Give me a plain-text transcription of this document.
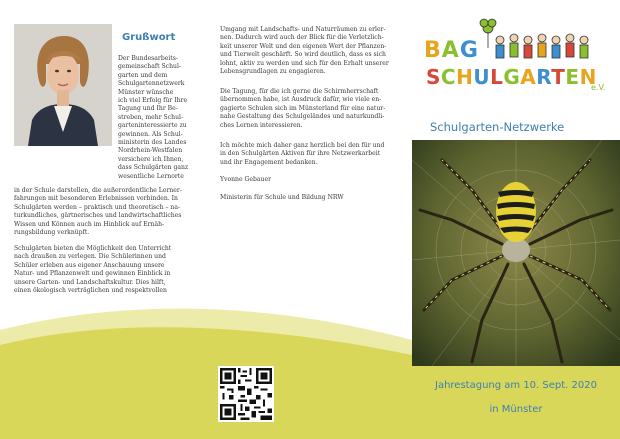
Grußwort
Der Bundesarbeits-
gemeinschaft Schul-
garten und dem
Schulgartennetzwerk
Münster wünsche
ich viel Erfolg für Ihre
Tagung und Ihr Be-
streben, mehr Schul-
garteninteressierte zu
gewinnen. Als Schul-
ministerin des Landes
Nordrhein-Westfalen
versichere ich Ihnen,
dass Schulgärten ganz
wesentliche Lernorte
in der Schule darstellen, die außerordentliche Lerner-
fahrungen mit besonderen Erlebnissen verbinden. In
Schulgärten werden – praktisch und theoretisch – na-
turkundliches, gärtnerisches und landwirtschaftliches
Wissen und Können auch im Hinblick auf Ernäh-
rungsbildung verknüpft.
Schulgärten bieten die Möglichkeit den Unterricht
nach draußen zu verlegen. Die Schülerinnen und
Schüler erleben aus eigener Anschauung unsere
Natur- und Pflanzenwelt und gewinnen Einblick in
unsere Garten- und Landschaftskultur. Dies hilft,
einen ökologisch verträglichen und respektvollen
Umgang mit Landschafts- und Naturräumen zu erler-
nen. Dadurch wird auch der Blick für die Verletzlich-
keit unserer Welt und den eigenen Wert der Pflanzen-
und Tierwelt geschärft. So wird deutlich, dass es sich
lohnt, aktiv zu werden und sich für den Erhalt unserer
Lebensgrundlagen zu engagieren.
Die Tagung, für die ich gerne die Schirmherrschaft
übernommen habe, ist Ausdruck dafür, wie viele en-
gagierte Schulen sich im Münsterland für eine natur-
nahe Gestaltung des Schulgeländes und naturkundli-
ches Lernen interessieren.
Ich möchte mich daher ganz herzlich bei den für und
in den Schulgärten Aktiven für ihre Netzwerkarbeit
und ihr Engagement bedanken.
Yvonne Gebauer
Ministerin für Schule und Bildung NRW
BAG
SCHULGARTEN
e.V.
Schulgarten-Netzwerke
Jahrestagung am 10. Sept. 2020
in Münster
